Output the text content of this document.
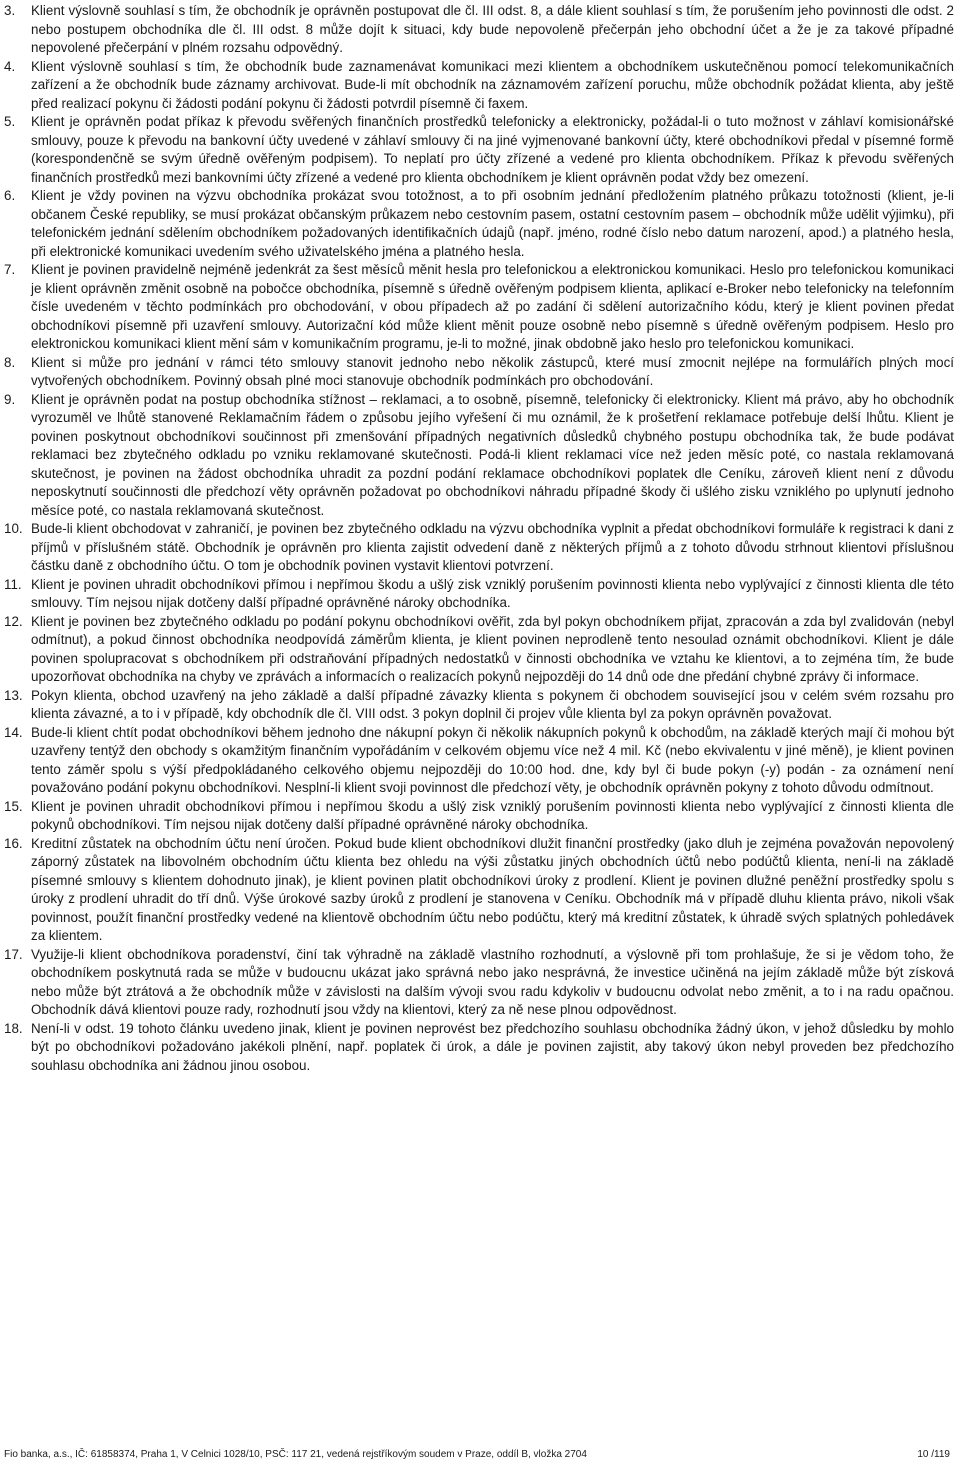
3.	Klient výslovně souhlasí s tím, že obchodník je oprávněn postupovat dle čl. III odst. 8, a dále klient souhlasí s tím, že porušením jeho povinnosti dle odst. 2 nebo postupem obchodníka dle čl. III odst. 8 může dojít k situaci, kdy bude nepovoleně přečerpán jeho obchodní účet a že je za takové případné nepovolené přečerpání v plném rozsahu odpovědný.
4.	Klient výslovně souhlasí s tím, že obchodník bude zaznamenávat komunikaci mezi klientem a obchodníkem uskutečněnou pomocí telekomunikačních zařízení a že obchodník bude záznamy archivovat. Bude-li mít obchodník na záznamovém zařízení poruchu, může obchodník požádat klienta, aby ještě před realizací pokynu či žádosti podání pokynu či žádosti potvrdil písemně či faxem.
5.	Klient je oprávněn podat příkaz k převodu svěřených finančních prostředků telefonicky a elektronicky, požádal-li o tuto možnost v záhlaví komisionářské smlouvy, pouze k převodu na bankovní účty uvedené v záhlaví smlouvy či na jiné vyjmenované bankovní účty, které obchodníkovi předal v písemné formě (korespondenčně se svým úředně ověřeným podpisem). To neplatí pro účty zřízené a vedené pro klienta obchodníkem. Příkaz k převodu svěřených finančních prostředků mezi bankovními účty zřízené a vedené pro klienta obchodníkem je klient oprávněn podat vždy bez omezení.
6.	Klient je vždy povinen na výzvu obchodníka prokázat svou totožnost, a to při osobním jednání předložením platného průkazu totožnosti (klient, je-li občanem České republiky, se musí prokázat občanským průkazem nebo cestovním pasem, ostatní cestovním pasem – obchodník může udělit výjimku), při telefonickém jednání sdělením obchodníkem požadovaných identifikačních údajů (např. jméno, rodné číslo nebo datum narození, apod.) a platného hesla, při elektronické komunikaci uvedením svého uživatelského jména a platného hesla.
7.	Klient je povinen pravidelně nejméně jedenkrát za šest měsíců měnit hesla pro telefonickou a elektronickou komunikaci. Heslo pro telefonickou komunikaci je klient oprávněn změnit osobně na pobočce obchodníka, písemně s úředně ověřeným podpisem klienta, aplikací e-Broker nebo telefonicky na telefonním čísle uvedeném v těchto podmínkách pro obchodování, v obou případech až po zadání či sdělení autorizačního kódu, který je klient povinen předat obchodníkovi písemně při uzavření smlouvy. Autorizační kód může klient měnit pouze osobně nebo písemně s úředně ověřeným podpisem. Heslo pro elektronickou komunikaci klient mění sám v komunikačním programu, je-li to možné, jinak obdobně jako heslo pro telefonickou komunikaci.
8.	Klient si může pro jednání v rámci této smlouvy stanovit jednoho nebo několik zástupců, které musí zmocnit nejlépe na formulářích plných mocí vytvořených obchodníkem. Povinný obsah plné moci stanovuje obchodník podmínkách pro obchodování.
9.	Klient je oprávněn podat na postup obchodníka stížnost – reklamaci, a to osobně, písemně, telefonicky či elektronicky. Klient má právo, aby ho obchodník vyrozuměl ve lhůtě stanovené Reklamačním řádem o způsobu jejího vyřešení či mu oznámil, že k prošetření reklamace potřebuje delší lhůtu. Klient je povinen poskytnout obchodníkovi součinnost při zmenšování případných negativních důsledků chybného postupu obchodníka tak, že bude podávat reklamaci bez zbytečného odkladu po vzniku reklamované skutečnosti. Podá-li klient reklamaci více než jeden měsíc poté, co nastala reklamovaná skutečnost, je povinen na žádost obchodníka uhradit za pozdní podání reklamace obchodníkovi poplatek dle Ceníku, zároveň klient není z důvodu neposkytnutí součinnosti dle předchozí věty oprávněn požadovat po obchodníkovi náhradu případné škody či ušlého zisku vzniklého po uplynutí jednoho měsíce poté, co nastala reklamovaná skutečnost.
10. Bude-li klient obchodovat v zahraničí, je povinen bez zbytečného odkladu na výzvu obchodníka vyplnit a předat obchodníkovi formuláře k registraci k dani z příjmů v příslušném státě. Obchodník je oprávněn pro klienta zajistit odvedení daně z některých příjmů a z tohoto důvodu strhnout klientovi příslušnou částku daně z obchodního účtu. O tom je obchodník povinen vystavit klientovi potvrzení.
11. Klient je povinen uhradit obchodníkovi přímou i nepřímou škodu a ušlý zisk vzniklý porušením povinnosti klienta nebo vyplývající z činnosti klienta dle této smlouvy. Tím nejsou nijak dotčeny další případné oprávněné nároky obchodníka.
12. Klient je povinen bez zbytečného odkladu po podání pokynu obchodníkovi ověřit, zda byl pokyn obchodníkem přijat, zpracován a zda byl zvalidován (nebyl odmítnut), a pokud činnost obchodníka neodpovídá záměrům klienta, je klient povinen neprodleně tento nesoulad oznámit obchodníkovi. Klient je dále povinen spolupracovat s obchodníkem při odstraňování případných nedostatků v činnosti obchodníka ve vztahu ke klientovi, a to zejména tím, že bude upozorňovat obchodníka na chyby ve zprávách a informacích o realizacích pokynů nejpozději do 14 dnů ode dne předání chybné zprávy či informace.
13. Pokyn klienta, obchod uzavřený na jeho základě a další případné závazky klienta s pokynem či obchodem související jsou v celém svém rozsahu pro klienta závazné, a to i v případě, kdy obchodník dle čl. VIII odst. 3 pokyn doplnil či projev vůle klienta byl za pokyn oprávněn považovat.
14. Bude-li klient chtít podat obchodníkovi během jednoho dne nákupní pokyn či několik nákupních pokynů k obchodům, na základě kterých mají či mohou být uzavřeny tentýž den obchody s okamžitým finančním vypořádáním v celkovém objemu více než 4 mil. Kč (nebo ekvivalentu v jiné měně), je klient povinen tento záměr spolu s výší předpokládaného celkového objemu nejpozději do 10:00 hod. dne, kdy byl či bude pokyn (-y) podán - za oznámení není považováno podání pokynu obchodníkovi. Nesplní-li klient svoji povinnost dle předchozí věty, je obchodník oprávněn pokyny z tohoto důvodu odmítnout.
15. Klient je povinen uhradit obchodníkovi přímou i nepřímou škodu a ušlý zisk vzniklý porušením povinnosti klienta nebo vyplývající z činnosti klienta dle pokynů obchodníkovi. Tím nejsou nijak dotčeny další případné oprávněné nároky obchodníka.
16. Kreditní zůstatek na obchodním účtu není úročen. Pokud bude klient obchodníkovi dlužit finanční prostředky (jako dluh je zejména považován nepovolený záporný zůstatek na libovolném obchodním účtu klienta bez ohledu na výši zůstatku jiných obchodních účtů nebo podúčtů klienta, není-li na základě písemné smlouvy s klientem dohodnuto jinak), je klient povinen platit obchodníkovi úroky z prodlení. Klient je povinen dlužné peněžní prostředky spolu s úroky z prodlení uhradit do tří dnů. Výše úrokové sazby úroků z prodlení je stanovena v Ceníku. Obchodník má v případě dluhu klienta právo, nikoli však povinnost, použít finanční prostředky vedené na klientově obchodním účtu nebo podúčtu, který má kreditní zůstatek, k úhradě svých splatných pohledávek za klientem.
17. Využije-li klient obchodníkova poradenství, činí tak výhradně na základě vlastního rozhodnutí, a výslovně při tom prohlašuje, že si je vědom toho, že obchodníkem poskytnutá rada se může v budoucnu ukázat jako správná nebo jako nesprávná, že investice učiněná na jejím základě může být získová nebo může být ztrátová a že obchodník může v závislosti na dalším vývoji svou radu kdykoliv v budoucnu odvolat nebo změnit, a to i na radu opačnou. Obchodník dává klientovi pouze rady, rozhodnutí jsou vždy na klientovi, který za ně nese plnou odpovědnost.
18. Není-li v odst. 19 tohoto článku uvedeno jinak, klient je povinen neprovést bez předchozího souhlasu obchodníka žádný úkon, v jehož důsledku by mohlo být po obchodníkovi požadováno jakékoli plnění, např. poplatek či úrok, a dále je povinen zajistit, aby takový úkon nebyl proveden bez předchozího souhlasu obchodníka ani žádnou jinou osobou.
Fio banka, a.s., IČ: 61858374, Praha 1, V Celnici 1028/10, PSČ: 117 21, vedená rejstříkovým soudem v Praze, oddíl B, vložka 2704	10 /119
